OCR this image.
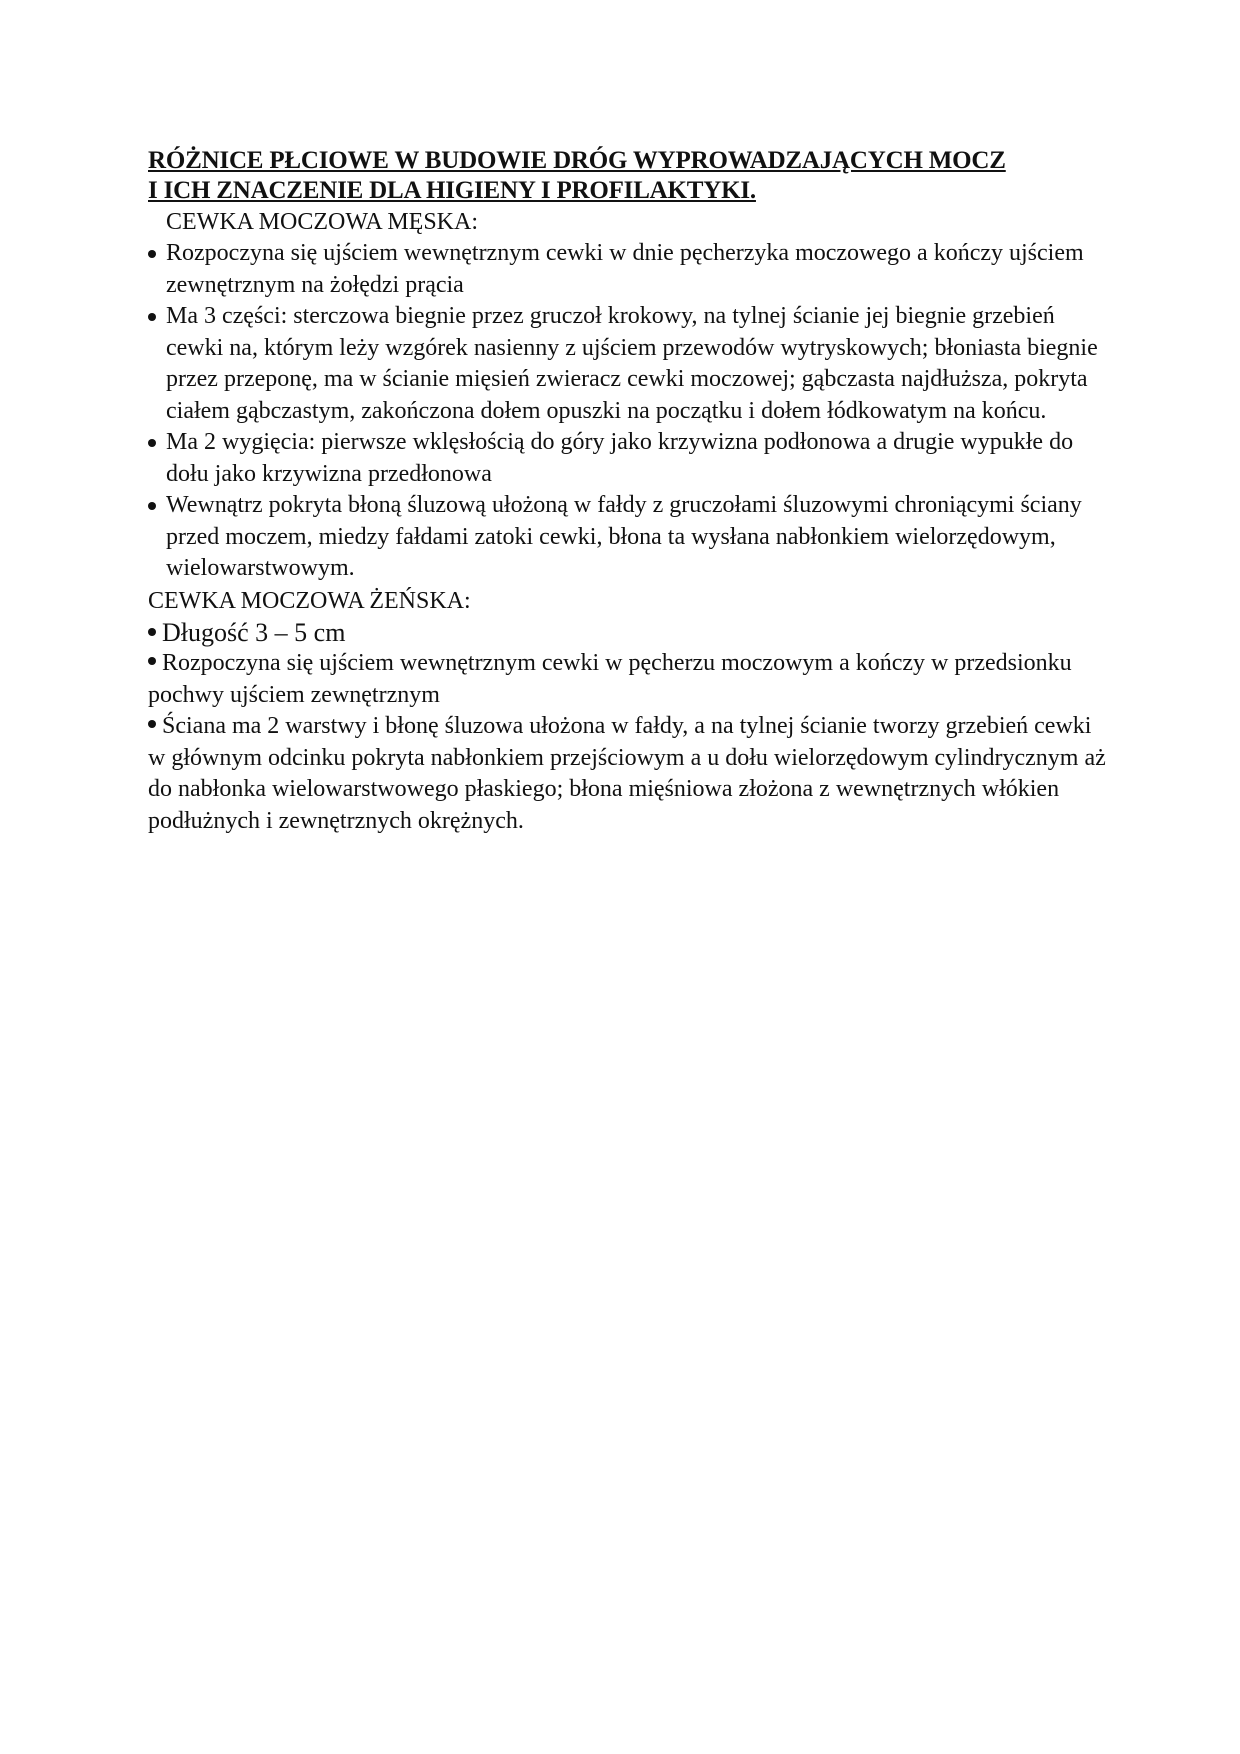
RÓŻNICE PŁCIOWE W BUDOWIE DRÓG WYPROWADZAJĄCYCH MOCZ
I ICH ZNACZENIE DLA HIGIENY I PROFILAKTYKI.

CEWKA MOCZOWA MĘSKA:

Rozpoczyna się ujściem wewnętrznym cewki w dnie pęcherzyka moczowego a kończy ujściem zewnętrznym na żołędzi prącia
Ma 3 części: sterczowa biegnie przez gruczoł krokowy, na tylnej ścianie jej biegnie grzebień cewki na, którym leży wzgórek nasienny z ujściem przewodów wytryskowych; błoniasta biegnie przez przeponę, ma w ścianie mięsień zwieracz cewki moczowej; gąbczasta najdłuższa, pokryta ciałem gąbczastym, zakończona dołem opuszki na początku i dołem łódkowatym na końcu.
Ma 2 wygięcia: pierwsze wklęsłością do góry jako krzywizna podłonowa a drugie wypukłe do dołu jako krzywizna przedłonowa
Wewnątrz pokryta błoną śluzową ułożoną w fałdy z gruczołami śluzowymi chroniącymi ściany przed moczem, miedzy fałdami zatoki cewki, błona ta wysłana nabłonkiem wielorzędowym, wielowarstwowym.

CEWKA MOCZOWA ŻEŃSKA:

Długość 3 – 5 cm
Rozpoczyna się ujściem wewnętrznym cewki w pęcherzu moczowym a kończy w przedsionku pochwy ujściem zewnętrznym
Ściana ma 2 warstwy i błonę śluzowa ułożona w fałdy, a na tylnej ścianie tworzy grzebień cewki w głównym odcinku pokryta nabłonkiem przejściowym a u dołu wielorzędowym cylindrycznym aż do nabłonka wielowarstwowego płaskiego; błona mięśniowa złożona z wewnętrznych włókien podłużnych i zewnętrznych okrężnych.
